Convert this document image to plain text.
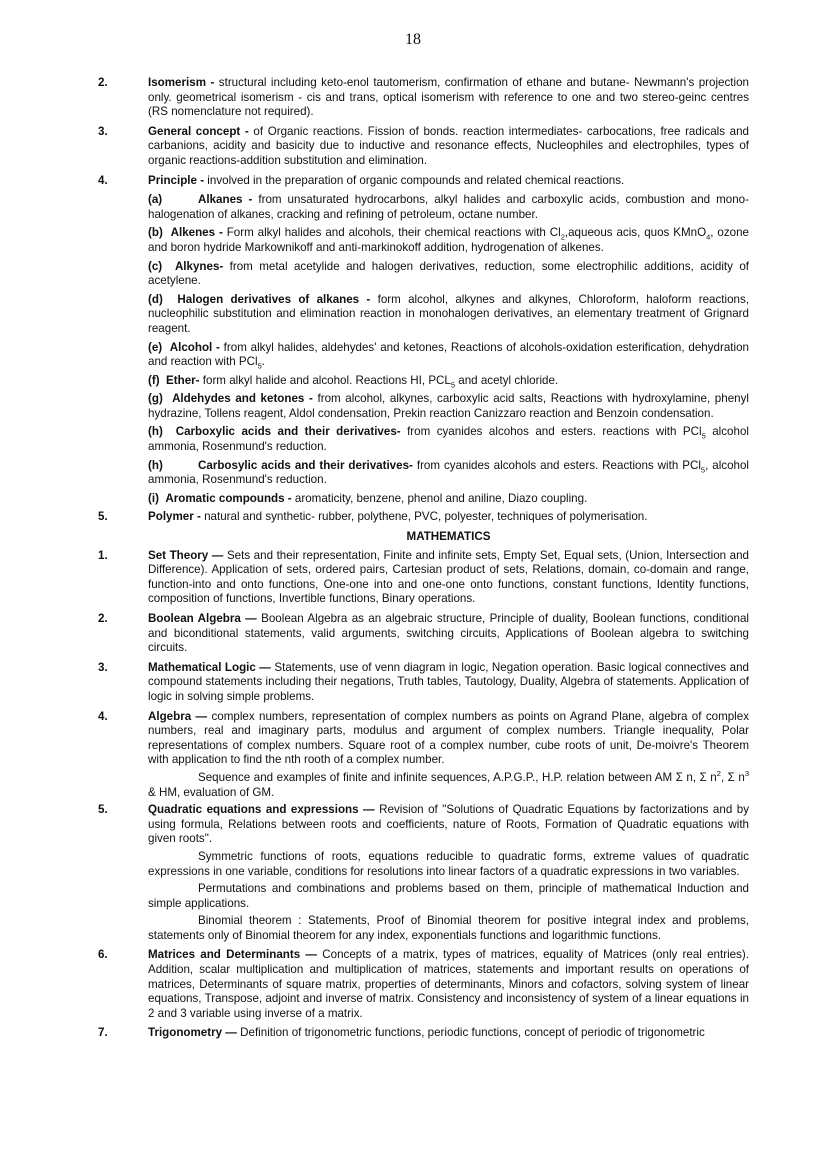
18
2.	Isomerism - structural including keto-enol tautomerism, confirmation of ethane and butane- Newmann's projection only. geometrical isomerism - cis and trans, optical isomerism with reference to one and two stereo-geinc centres (RS nomenclature not required).

3.	General concept - of Organic reactions. Fission of bonds. reaction intermediates- carbocations, free radicals and carbanions, acidity and basicity due to inductive and resonance effects, Nucleophiles and electrophiles, types of organic reactions-addition substitution and elimination.

4.	Principle - involved in the preparation of organic compounds and related chemical reactions.

(a)	Alkanes - from unsaturated hydrocarbons, alkyl halides and carboxylic acids, combustion and mono-halogenation of alkanes, cracking and refining of petroleum, octane number.

(b) Alkenes - Form alkyl halides and alcohols, their chemical reactions with $Cl_2,aqueous$ acis, quos KMnO$_4$, ozone and boron hydride Markownikoff and anti-markinokoff addition, hydrogenation of alkenes.

(c) Alkynes- from metal acetylide and halogen derivatives, reduction, some electrophilic additions, acidity of acetylene.

(d) Halogen derivatives of alkanes - form alcohol, alkynes and alkynes, Chloroform, haloform reactions, nucleophilic substitution and elimination reaction in monohalogen derivatives, an elementary treatment of Grignard reagent.

(e) Alcohol - from alkyl halides, aldehydes' and ketones, Reactions of alcohols-oxidation esterification, dehydration and reaction with PCl$_5$.

(f) Ether- form alkyl halide and alcohol. Reactions HI, $PCL_5$ and acetyl chloride.

(g) Aldehydes and ketones - from alcohol, alkynes, carboxylic acid salts, Reactions with hydroxylamine, phenyl hydrazine, Tollens reagent, Aldol condensation, Prekin reaction Canizzaro reaction and Benzoin condensation.

(h) Carboxylic acids and their derivatives- from cyanides alcohos and esters. reactions with PCl$_5$ alcohol ammonia, Rosenmund's reduction.

(h)	Carbosylic acids and their derivatives- from cyanides alcohols and esters. Reactions with PCl$_5$, alcohol ammonia, Rosenmund's reduction.

(i) Aromatic compounds - aromaticity, benzene, phenol and aniline, Diazo coupling.

5.	Polymer - natural and synthetic- rubber, polythene, PVC, polyester, techniques of polymerisation.

MATHEMATICS
1.	Set Theory — Sets and their representation, Finite and infinite sets, Empty Set, Equal sets, (Union, Intersection and Difference). Application of sets, ordered pairs, Cartesian product of sets, Relations, domain, co-domain and range, function-into and onto functions, One-one into and one-one onto functions, constant functions, Identity functions, composition of functions, Invertible functions, Binary operations.

2.	Boolean Algebra — Boolean Algebra as an algebraic structure, Principle of duality, Boolean functions, conditional and biconditional statements, valid arguments, switching circuits, Applications of Boolean algebra to switching circuits.

3.	Mathematical Logic — Statements, use of venn diagram in logic, Negation operation. Basic logical connectives and compound statements including their negations, Truth tables, Tautology, Duality, Algebra of statements. Application of logic in solving simple problems.

4.	Algebra — complex numbers, representation of complex numbers as points on Agrand Plane, algebra of complex numbers, real and imaginary parts, modulus and argument of complex numbers. Triangle inequality, Polar representations of complex numbers. Square root of a complex number, cube roots of unit, De-moivre's Theorem with application to find the nth rooth of a complex number.

Sequence and examples of finite and infinite sequences, A.P.G.P., H.P. relation between AM Σ n, Σ $n^2$, Σ $n^3$ & HM, evaluation of GM.

5.	Quadratic equations and expressions — Revision of "Solutions of Quadratic Equations by factorizations and by using formula, Relations between roots and coefficients, nature of Roots, Formation of Quadratic equations with given roots".

Symmetric functions of roots, equations reducible to quadratic forms, extreme values of quadratic expressions in one variable, conditions for resolutions into linear factors of a quadratic expressions in two variables.

Permutations and combinations and problems based on them, principle of mathematical Induction and simple applications.

Binomial theorem : Statements, Proof of Binomial theorem for positive integral index and problems, statements only of Binomial theorem for any index, exponentials functions and logarithmic functions.

6.	Matrices and Determinants — Concepts of a matrix, types of matrices, equality of Matrices (only real entries). Addition, scalar multiplication and multiplication of matrices, statements and important results on operations of matrices, Determinants of square matrix, properties of determinants, Minors and cofactors, solving system of linear equations, Transpose, adjoint and inverse of matrix. Consistency and inconsistency of system of a linear equations in 2 and 3 variable using inverse of a matrix.

7.	Trigonometry — Definition of trigonometric functions, periodic functions, concept of periodic of trigonometric
